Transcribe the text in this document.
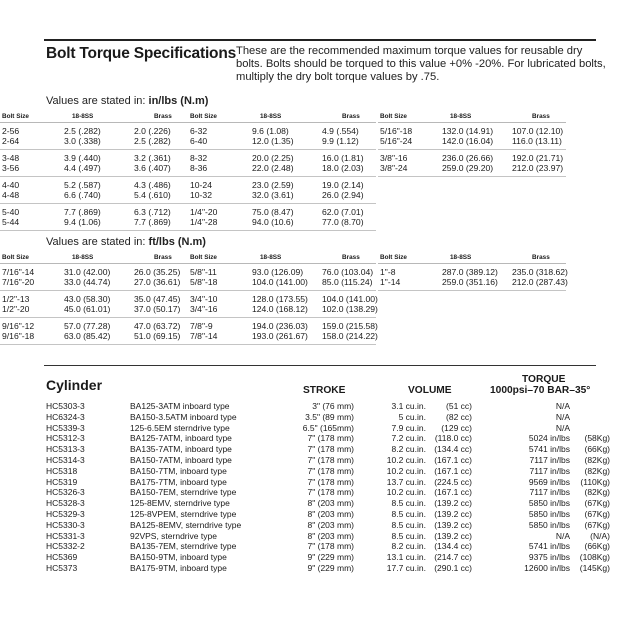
Bolt Torque Specifications These are the recommended maximum torque values for reusable dry bolts. Bolts should be torqued to this value +0% -20%. For lubricated bolts, multiply the dry bolt torque values by .75.
Values are stated in: in/lbs (N.m)
Bolt Size	18-8SS	Brass
2-56	2.5 (.282)	2.0 (.226)
2-64	3.0 (.338)	2.5 (.282)
3-48	3.9 (.440)	3.2 (.361)
3-56	4.4 (.497)	3.6 (.407)
4-40	5.2 (.587)	4.3 (.486)
4-48	6.6 (.740)	5.4 (.610)
5-40	7.7 (.869)	6.3 (.712)
5-44	9.4 (1.06)	7.7 (.869)
Bolt Size	18-8SS	Brass
6-32	9.6 (1.08)	4.9 (.554)
6-40	12.0 (1.35)	9.9 (1.12)
8-32	20.0 (2.25)	16.0 (1.81)
8-36	22.0 (2.48)	18.0 (2.03)
10-24	23.0 (2.59)	19.0 (2.14)
10-32	32.0 (3.61)	26.0 (2.94)
1/4"-20	75.0 (8.47)	62.0 (7.01)
1/4"-28	94.0 (10.6)	77.0 (8.70)
Bolt Size	18-8SS	Brass
5/16"-18	132.0 (14.91)	107.0 (12.10)
5/16"-24	142.0 (16.04)	116.0 (13.11)
3/8"-16	236.0 (26.66)	192.0 (21.71)
3/8"-24	259.0 (29.20)	212.0 (23.97)
Values are stated in: ft/lbs (N.m)
Bolt Size	18-8SS	Brass
7/16"-14	31.0 (42.00)	26.0 (35.25)
7/16"-20	33.0 (44.74)	27.0 (36.61)
1/2"-13	43.0 (58.30)	35.0 (47.45)
1/2"-20	45.0 (61.01)	37.0 (50.17)
9/16"-12	57.0 (77.28)	47.0 (63.72)
9/16"-18	63.0 (85.42)	51.0 (69.15)
Bolt Size	18-8SS	Brass
5/8"-11	93.0 (126.09)	76.0 (103.04)
5/8"-18	104.0 (141.00)	85.0 (115.24)
3/4"-10	128.0 (173.55)	104.0 (141.00)
3/4"-16	124.0 (168.12)	102.0 (138.29)
7/8"-9	194.0 (236.03)	159.0 (215.58)
7/8"-14	193.0 (261.67)	158.0 (214.22)
Bolt Size	18-8SS	Brass
1"-8	287.0 (389.12)	235.0 (318.62)
1"-14	259.0 (351.16)	212.0 (287.43)
Cylinder	STROKE	VOLUME
TORQUE
1000psi–70 BAR–35°
HC5303-3	BA125-3ATM inboard type	3" (76 mm)	3.1 cu.in.	(51 cc)	N/A
HC6324-3	BA150-3.5ATM inboard type	3.5" (89 mm)	5 cu.in.	(82 cc)	N/A
HC5339-3	125-6.5EM sterndrive type	6.5" (165mm)	7.9 cu.in.	(129 cc)	N/A
HC5312-3	BA125-7ATM, inboard type	7" (178 mm)	7.2 cu.in.	(118.0 cc)	5024 in/lbs	(58Kg)
HC5313-3	BA135-7ATM, inboard type	7" (178 mm)	8.2 cu.in. (134.4 cc)	5741 in/lbs	(66Kg)
HC5314-3	BA150-7ATM, inboard type	7" (178 mm)	10.2 cu.in. (167.1 cc)	7117 in/lbs	(82Kg)
HC5318	BA150-7TM, inboard type	7" (178 mm)	10.2 cu.in. (167.1 cc)	7117 in/lbs	(82Kg)
HC5319	BA175-7TM, inboard type	7" (178 mm)	13.7 cu.in. (224.5 cc)	9569 in/lbs	(110Kg)
HC5326-3	BA150-7EM, sterndrive type	7" (178 mm)	10.2 cu.in. (167.1 cc)	7117 in/lbs	(82Kg)
HC5328-3	125-8EMV, sterndrive type	8" (203 mm)	8.5 cu.in. (139.2 cc)	5850 in/lbs	(67Kg)
HC5329-3	125-8VPEM, sterndrive type	8" (203 mm)	8.5 cu.in. (139.2 cc)	5850 in/lbs	(67Kg)
HC5330-3	BA125-8EMV, sterndrive type	8" (203 mm)	8.5 cu.in. (139.2 cc)	5850 in/lbs	(67Kg)
HC5331-3	92VPS, sterndrive type	8" (203 mm)	8.5 cu.in. (139.2 cc)	N/A	(N/A)
HC5332-2	BA135-7EM, sterndrive type	7" (178 mm)	8.2 cu.in. (134.4 cc)	5741 in/lbs	(66Kg)
HC5369	BA150-9TM, inboard type	9" (229 mm)	13.1 cu.in. (214.7 cc)	9375 in/lbs	(108Kg)
HC5373	BA175-9TM, inboard type	9" (229 mm)	17.7 cu.in. (290.1 cc)	12600 in/lbs	(145Kg)
